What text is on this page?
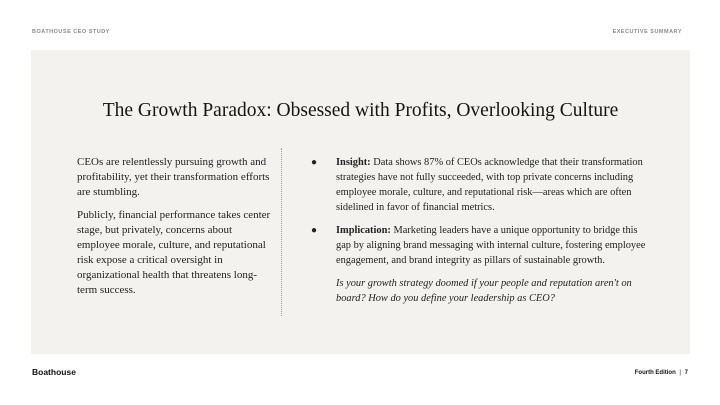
BOATHOUSE CEO STUDY	EXECUTIVE SUMMARY
The Growth Paradox: Obsessed with Profits, Overlooking Culture

CEOs are relentlessly pursuing growth and profitability, yet their transformation efforts are stumbling.

Publicly, financial performance takes center stage, but privately, concerns about employee morale, culture, and reputational risk expose a critical oversight in organizational health that threatens long-term success.

● Insight: Data shows 87% of CEOs acknowledge that their transformation strategies have not fully succeeded, with top private concerns including employee morale, culture, and reputational risk—areas which are often sidelined in favor of financial metrics.
● Implication: Marketing leaders have a unique opportunity to bridge this gap by aligning brand messaging with internal culture, fostering employee engagement, and brand integrity as pillars of sustainable growth.
Is your growth strategy doomed if your people and reputation aren't on board? How do you define your leadership as CEO?
Boathouse	Fourth Edition | 7
